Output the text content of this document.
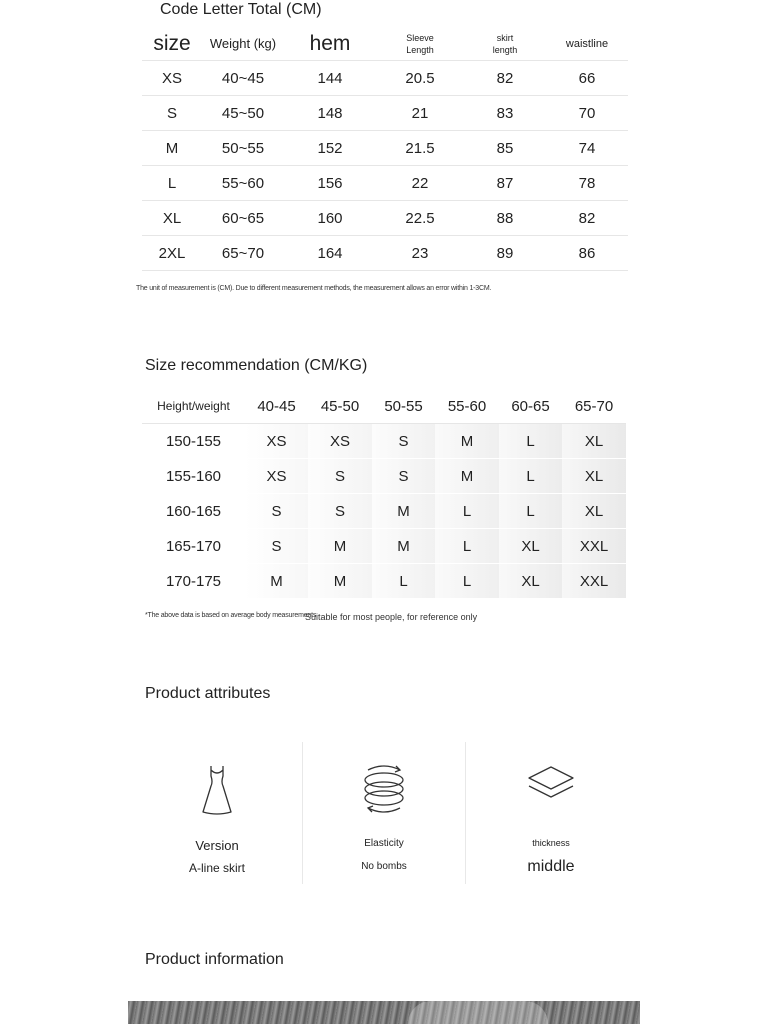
Code Letter Total (CM)
size	Weight (kg)	hem	Sleeve Length	skirt length	waistline
XS	40~45	144	20.5	82	66
S	45~50	148	21	83	70
M	50~55	152	21.5	85	74
L	55~60	156	22	87	78
XL	60~65	160	22.5	88	82
2XL	65~70	164	23	89	86
The unit of measurement is (CM). Due to different measurement methods, the measurement allows an error within 1-3CM.
Size recommendation (CM/KG)
Height/weight	40-45	45-50	50-55	55-60	60-65	65-70
150-155	XS	XS	S	M	L	XL
155-160	XS	S	S	M	L	XL
160-165	S	S	M	L	L	XL
165-170	S	M	M	L	XL	XXL
170-175	M	M	L	L	XL	XXL
*The above data is based on average body measurements
Suitable for most people, for reference only
Product attributes
Version
A-line skirt
Elasticity
No bombs
thickness
middle
Product information
